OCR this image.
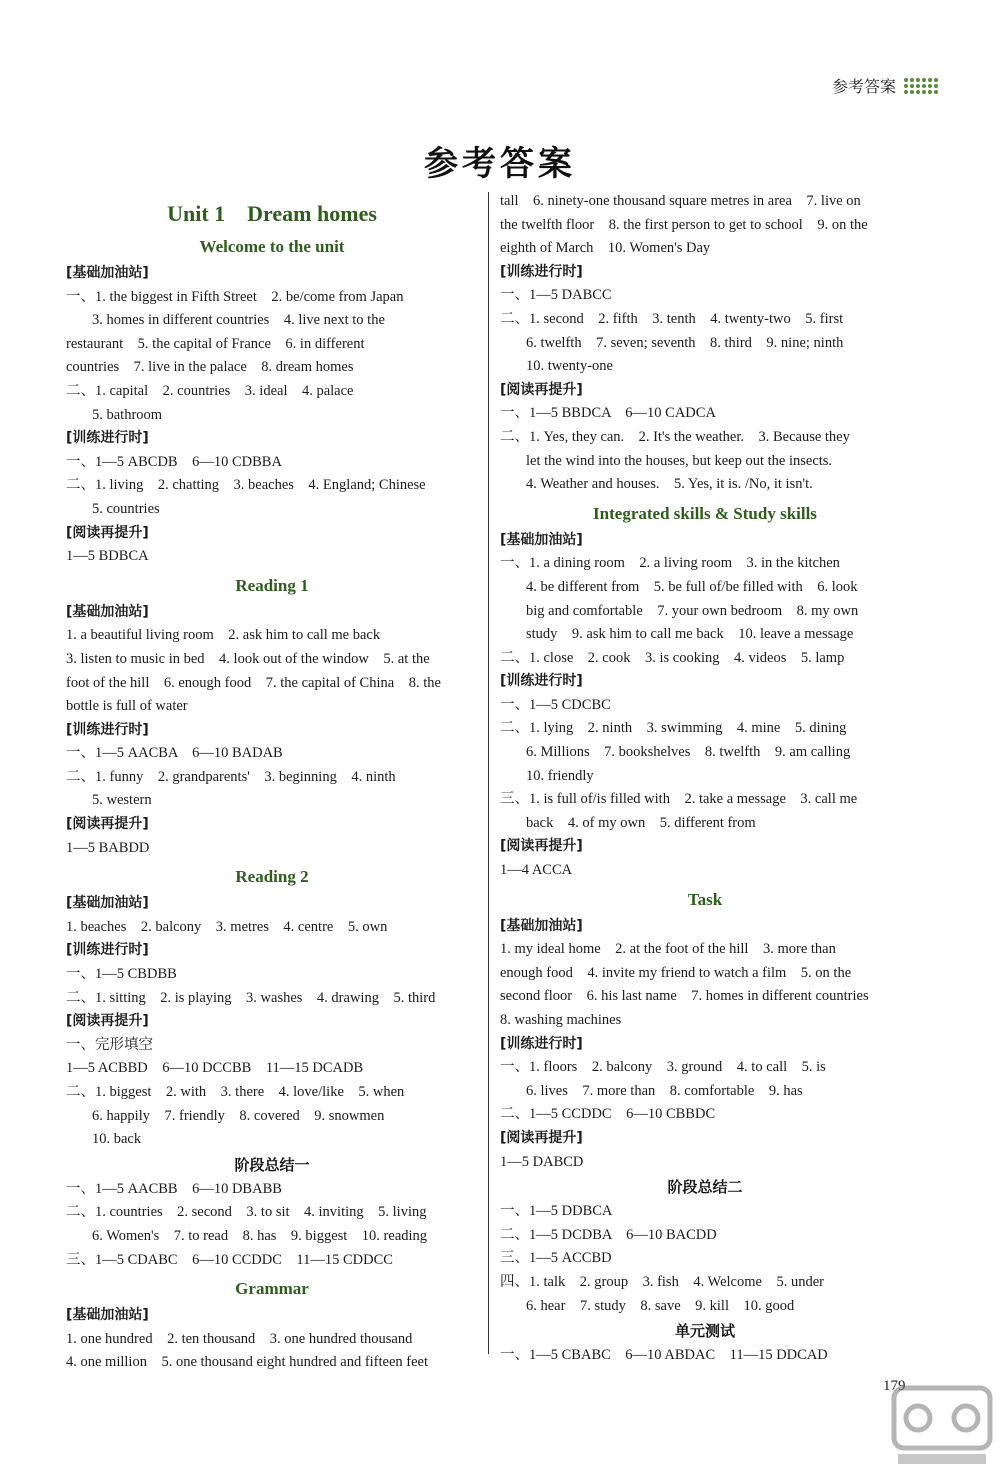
参考答案
参考答案
Unit 1　Dream homes
Welcome to the unit
[基础加油站]
一、1. the biggest in Fifth Street　2. be/come from Japan
3. homes in different countries　4. live next to the
restaurant　5. the capital of France　6. in different
countries　7. live in the palace　8. dream homes
二、1. capital　2. countries　3. ideal　4. palace
5. bathroom
[训练进行时]
一、1—5 ABCDB　6—10 CDBBA
二、1. living　2. chatting　3. beaches　4. England; Chinese
5. countries
[阅读再提升]
1—5 BDBCA
Reading 1
[基础加油站]
1. a beautiful living room　2. ask him to call me back
3. listen to music in bed　4. look out of the window　5. at the
foot of the hill　6. enough food　7. the capital of China　8. the
bottle is full of water
[训练进行时]
一、1—5 AACBA　6—10 BADAB
二、1. funny　2. grandparents'　3. beginning　4. ninth
5. western
[阅读再提升]
1—5 BABDD
Reading 2
[基础加油站]
1. beaches　2. balcony　3. metres　4. centre　5. own
[训练进行时]
一、1—5 CBDBB
二、1. sitting　2. is playing　3. washes　4. drawing　5. third
[阅读再提升]
一、完形填空
1—5 ACBBD　6—10 DCCBB　11—15 DCADB
二、1. biggest　2. with　3. there　4. love/like　5. when
6. happily　7. friendly　8. covered　9. snowmen
10. back
阶段总结一
一、1—5 AACBB　6—10 DBABB
二、1. countries　2. second　3. to sit　4. inviting　5. living
6. Women's　7. to read　8. has　9. biggest　10. reading
三、1—5 CDABC　6—10 CCDDC　11—15 CDDCC
Grammar
[基础加油站]
1. one hundred　2. ten thousand　3. one hundred thousand
4. one million　5. one thousand eight hundred and fifteen feet
tall　6. ninety-one thousand square metres in area　7. live on
the twelfth floor　8. the first person to get to school　9. on the
eighth of March　10. Women's Day
[训练进行时]
一、1—5 DABCC
二、1. second　2. fifth　3. tenth　4. twenty-two　5. first
6. twelfth　7. seven; seventh　8. third　9. nine; ninth
10. twenty-one
[阅读再提升]
一、1—5 BBDCA　6—10 CADCA
二、1. Yes, they can.　2. It's the weather.　3. Because they
let the wind into the houses, but keep out the insects.
4. Weather and houses.　5. Yes, it is. /No, it isn't.
Integrated skills & Study skills
[基础加油站]
一、1. a dining room　2. a living room　3. in the kitchen
4. be different from　5. be full of/be filled with　6. look
big and comfortable　7. your own bedroom　8. my own
study　9. ask him to call me back　10. leave a message
二、1. close　2. cook　3. is cooking　4. videos　5. lamp
[训练进行时]
一、1—5 CDCBC
二、1. lying　2. ninth　3. swimming　4. mine　5. dining
6. Millions　7. bookshelves　8. twelfth　9. am calling
10. friendly
三、1. is full of/is filled with　2. take a message　3. call me
back　4. of my own　5. different from
[阅读再提升]
1—4 ACCA
Task
[基础加油站]
1. my ideal home　2. at the foot of the hill　3. more than
enough food　4. invite my friend to watch a film　5. on the
second floor　6. his last name　7. homes in different countries
8. washing machines
[训练进行时]
一、1. floors　2. balcony　3. ground　4. to call　5. is
6. lives　7. more than　8. comfortable　9. has
二、1—5 CCDDC　6—10 CBBDC
[阅读再提升]
1—5 DABCD
阶段总结二
一、1—5 DDBCA
二、1—5 DCDBA　6—10 BACDD
三、1—5 ACCBD
四、1. talk　2. group　3. fish　4. Welcome　5. under
6. hear　7. study　8. save　9. kill　10. good
单元测试
一、1—5 CBABC　6—10 ABDAC　11—15 DDCAD
179
